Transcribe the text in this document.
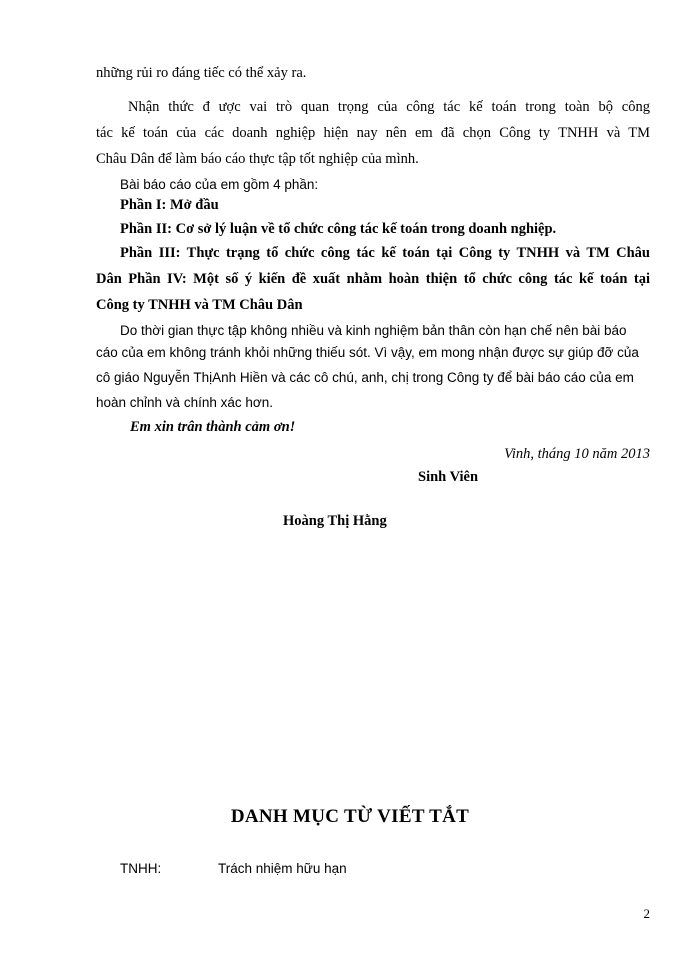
những rủi ro đáng tiếc có thể xảy ra.
Nhận thức đ ược vai trò quan trọng của công tác kế toán trong toàn bộ công
tác kế toán của các doanh nghiệp hiện nay nên em đã chọn Công ty TNHH và TM
Châu Dân để làm báo cáo thực tập tốt nghiệp của mình.
Bài báo cáo của em gồm 4 phần:
Phần I: Mở đầu
Phần II: Cơ sở lý luận về tổ chức công tác kế toán trong doanh nghiệp.
Phần III: Thực trạng tổ chức công tác kế toán tại Công ty TNHH và TM Châu
Dân Phần IV: Một số ý kiến đề xuất nhằm hoàn thiện tổ chức công tác kế toán tại
Công ty TNHH và TM Châu Dân
Do thời gian thực tập không nhiều và kinh nghiệm bản thân còn hạn chế nên bài báo
cáo của em không tránh khỏi những thiếu sót. Vì vậy, em mong nhận được sự giúp đỡ của
cô giáo Nguyễn ThịAnh Hiền và các cô chú, anh, chị trong Công ty để bài báo cáo của em
hoàn chỉnh và chính xác hơn.
Em xin trân thành cảm ơn!
Vinh, tháng 10 năm 2013
Sinh Viên
Hoàng Thị Hằng
DANH MỤC TỪ VIẾT TẮT
TNHH:	Trách nhiệm hữu hạn
2
